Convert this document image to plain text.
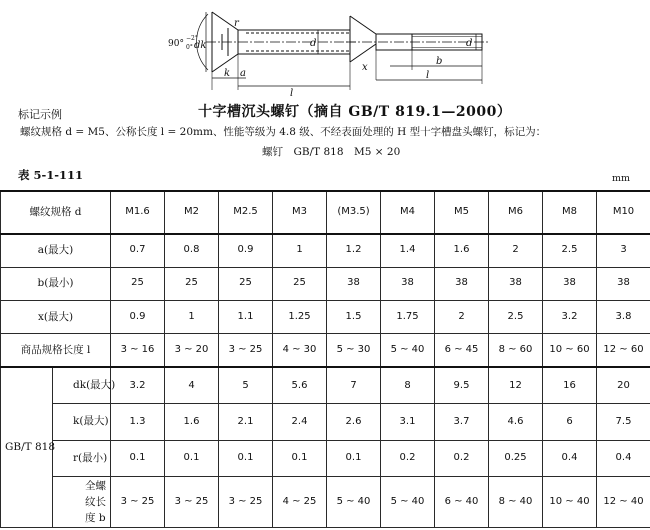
90°
−2°
0° dk	d
r
k a
l
d
x
b
l
标记示例	十字槽沉头螺钉（摘自 GB/T 819.1—2000）
螺纹规格 d = M5、公称长度 l = 20mm、性能等级为 4.8 级、不经表面处理的 H 型十字槽盘头螺钉，标记为：
螺钉　GB/T 818　M5 × 20
表 5-1-111	mm
螺纹规格 d		M1.6	M2	M2.5	M3	(M3.5)	M4	M5	M6	M8	M10
a(最大)		0.7	0.8	0.9	1	1.2	1.4	1.6	2	2.5	3
b(最小)		25	25	25	25	38	38	38	38	38	38
x(最大)		0.9	1	1.1	1.25	1.5	1.75	2	2.5	3.2	3.8
商品规格长度 l		3 ~ 16	3 ~ 20	3 ~ 25	4 ~ 30	5 ~ 30	5 ~ 40	6 ~ 45	8 ~ 60	10 ~ 60	12 ~ 60
GB/T 818	dk(最大)	3.2	4	5	5.6	7	8	9.5	12	16	20
	k(最大)	1.3	1.6	2.1	2.4	2.6	3.1	3.7	4.6	6	7.5
	r(最小)	0.1	0.1	0.1	0.1	0.1	0.2	0.2	0.25	0.4	0.4
	全螺纹长度 b	3 ~ 25	3 ~ 25	3 ~ 25	4 ~ 25	5 ~ 40	5 ~ 40	6 ~ 40	8 ~ 40	10 ~ 40	12 ~ 40
